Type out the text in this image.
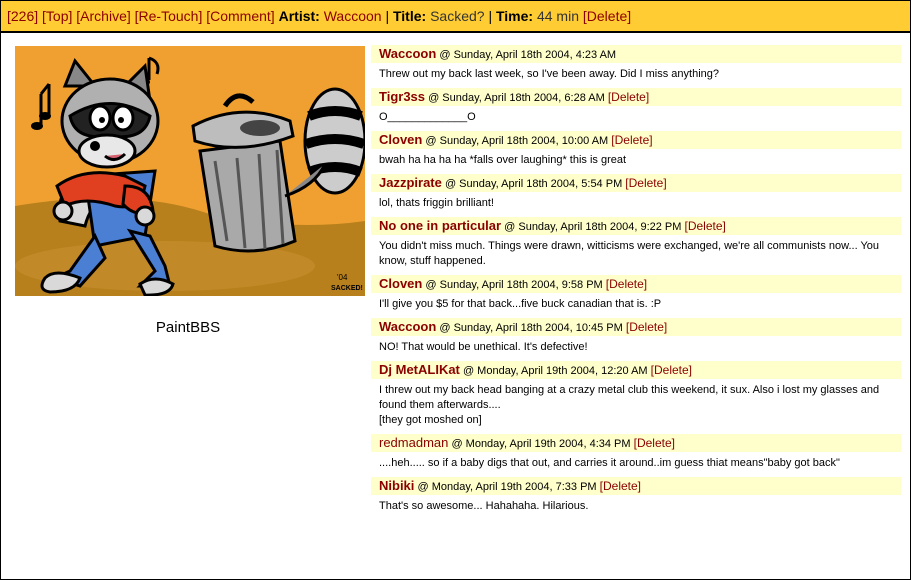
[226] [Top] [Archive] [Re-Touch] [Comment] Artist: Waccoon | Title: Sacked? | Time: 44 min [Delete]
'04
SACKED!
PaintBBS
Waccoon @ Sunday, April 18th 2004, 4:23 AM
Threw out my back last week, so I've been away. Did I miss anything?
Tigr3ss @ Sunday, April 18th 2004, 6:28 AM [Delete]
O_____________O
Cloven @ Sunday, April 18th 2004, 10:00 AM [Delete]
bwah ha ha ha ha *falls over laughing* this is great
Jazzpirate @ Sunday, April 18th 2004, 5:54 PM [Delete]
lol, thats friggin brilliant!
No one in particular @ Sunday, April 18th 2004, 9:22 PM [Delete]
You didn't miss much. Things were drawn, witticisms were exchanged, we're all communists now... You know, stuff happened.
Cloven @ Sunday, April 18th 2004, 9:58 PM [Delete]
I'll give you $5 for that back...five buck canadian that is. :P
Waccoon @ Sunday, April 18th 2004, 10:45 PM [Delete]
NO! That would be unethical. It's defective!
Dj MetALIKat @ Monday, April 19th 2004, 12:20 AM [Delete]
I threw out my back head banging at a crazy metal club this weekend, it sux. Also i lost my glasses and found them afterwards....
[they got moshed on]
redmadman @ Monday, April 19th 2004, 4:34 PM [Delete]
....heh..... so if a baby digs that out, and carries it around..im guess thiat means"baby got back"
Nibiki @ Monday, April 19th 2004, 7:33 PM [Delete]
That's so awesome... Hahahaha. Hilarious.
